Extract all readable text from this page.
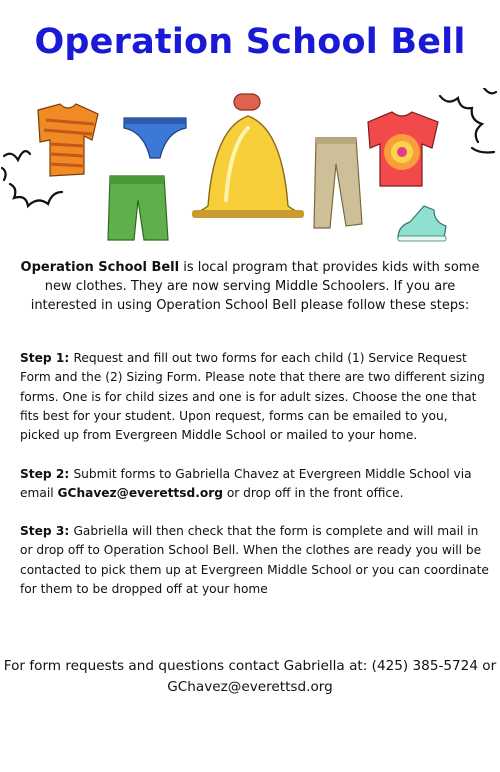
Operation School Bell

Operation School Bell is local program that provides kids with some new clothes. They are now serving Middle Schoolers. If you are interested in using Operation School Bell please follow these steps:

Step 1: Request and fill out two forms for each child (1) Service Request Form and the (2) Sizing Form. Please note that there are two different sizing forms. One is for child sizes and one is for adult sizes. Choose the one that fits best for your student. Upon request, forms can be emailed to you, picked up from Evergreen Middle School or mailed to your home.

Step 2: Submit forms to Gabriella Chavez at Evergreen Middle School via email GChavez@everettsd.org or drop off in the front office.

Step 3: Gabriella will then check that the form is complete and will mail in or drop off to Operation School Bell. When the clothes are ready you will be contacted to pick them up at Evergreen Middle School or you can coordinate for them to be dropped off at your home

For form requests and questions contact Gabriella at: (425) 385-5724 or GChavez@everettsd.org
